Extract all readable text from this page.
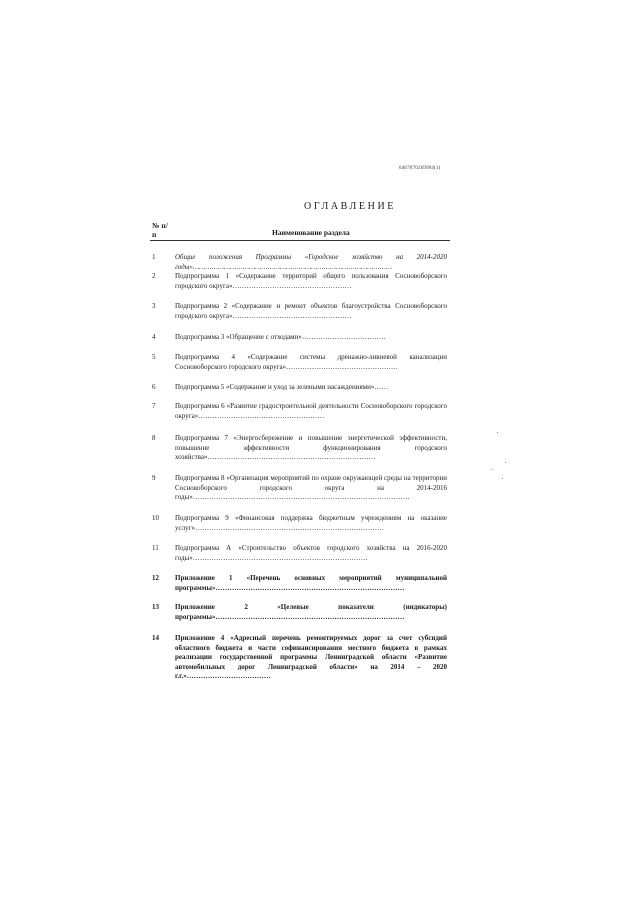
6467070269904(1)
ОГЛАВЛЕНИЕ
№ п/п	Наименование раздела
1	Общие положения Программы «Городское хозяйство на 2014-2020 годы»……………………………………………………………………………………
2	Подпрограмма 1 «Содержание территорий общего пользования Сосновоборского городского округа»……………………………………………
3	Подпрограмма 2 «Содержание и ремонт объектов благоустройства Сосновоборского городского округа»……………………………………………
4	Подпрограмма 3 «Обращение с отходами»………………………………
5	Подпрограмма 4 «Содержание системы дренажно-ливневой канализации Сосновоборского городского округа»…………………………………………
6	Подпрограмма 5 «Содержание и уход за зелеными насаждениями»……
7	Подпрограмма 6 «Развитие градостроительной деятельности Сосновоборского городского округа»………………………………………………
8	Подпрограмма 7 «Энергосбережение и повышение энергетической эффективности, повышение эффективности функционирования городского хозяйства»………………………………………………………………
9	Подпрограмма 8 «Организация мероприятий по охране окружающей среды на территории Сосновоборского городского округа на 2014-2016 годы»…………………………………………………………………………………
10	Подпрограмма 9 «Финансовая поддержка бюджетным учреждениям на оказание услуг»………………………………………………………………………
11	Подпрограмма А «Строительство объектов городского хозяйства на 2016-2020 годы»…………………………………………………………………
12	Приложение 1 «Перечень основных мероприятий муниципальной программы»………………………………………………………………………
13	Приложение 2 «Целевые показатели (индикаторы) программы»………………………………………………………………………
14	Приложение 4 «Адресный перечень ремонтируемых дорог за счет субсидий областного бюджета и части софинансирования местного бюджета в рамках реализации государственной программы Ленинградской области «Развитие автомобильных дорог Ленинградской области» на 2014 – 2020 г.г.»………………………………
